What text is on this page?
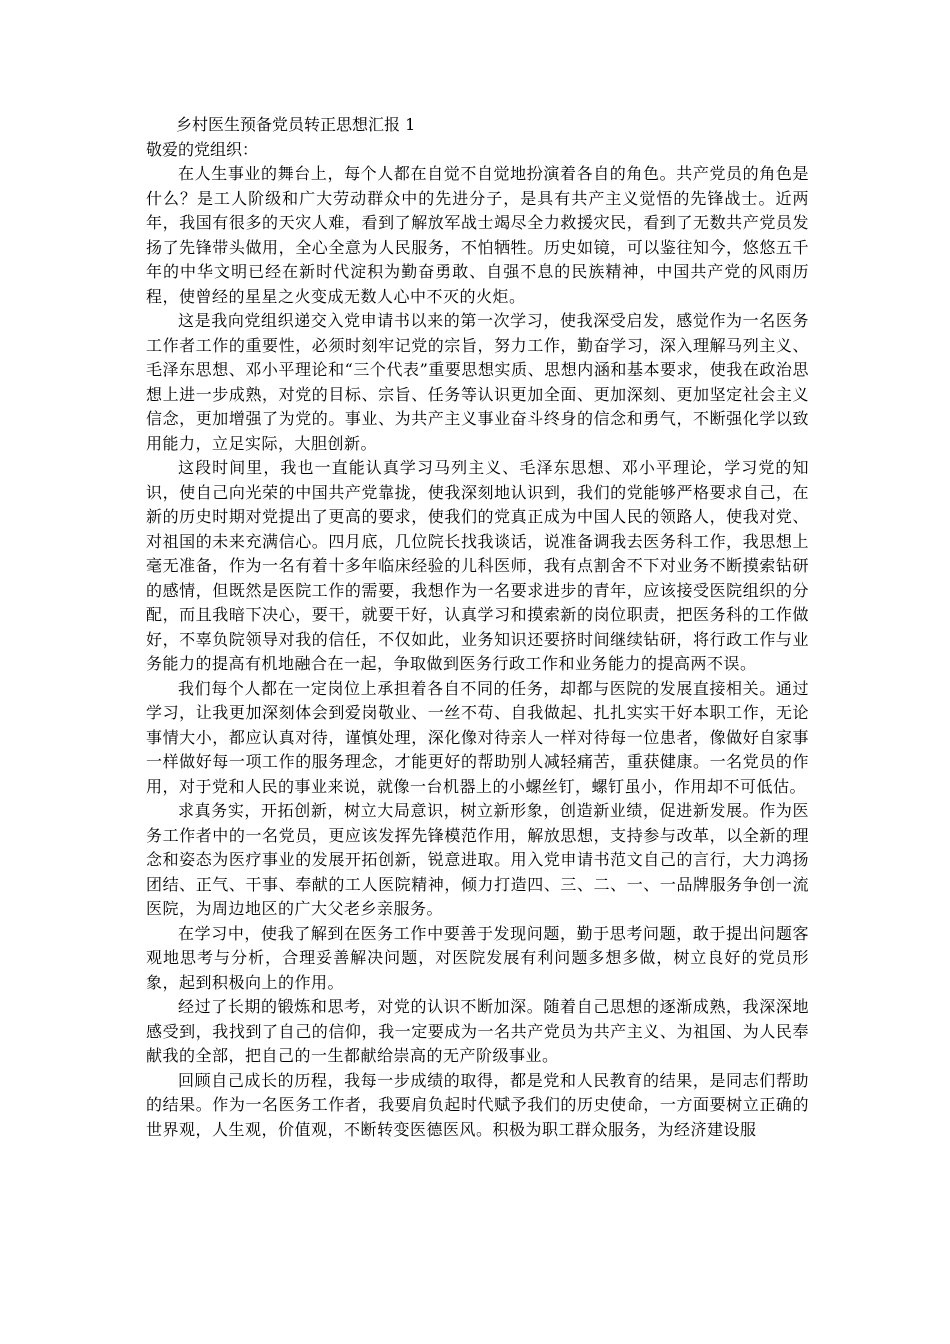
乡村医生预备党员转正思想汇报 1

敬爱的党组织：

在人生事业的舞台上，每个人都在自觉不自觉地扮演着各自的角色。共产党员的角色是什么？是工人阶级和广大劳动群众中的先进分子，是具有共产主义觉悟的先锋战士。近两年，我国有很多的天灾人难，看到了解放军战士竭尽全力救援灾民，看到了无数共产党员发扬了先锋带头做用，全心全意为人民服务，不怕牺牲。历史如镜，可以鉴往知今，悠悠五千年的中华文明已经在新时代淀积为勤奋勇敢、自强不息的民族精神，中国共产党的风雨历程，使曾经的星星之火变成无数人心中不灭的火炬。

这是我向党组织递交入党申请书以来的第一次学习，使我深受启发，感觉作为一名医务工作者工作的重要性，必须时刻牢记党的宗旨，努力工作，勤奋学习，深入理解马列主义、毛泽东思想、邓小平理论和“三个代表”重要思想实质、思想内涵和基本要求，使我在政治思想上进一步成熟，对党的目标、宗旨、任务等认识更加全面、更加深刻、更加坚定社会主义信念，更加增强了为党的。事业、为共产主义事业奋斗终身的信念和勇气，不断强化学以致用能力，立足实际，大胆创新。

这段时间里，我也一直能认真学习马列主义、毛泽东思想、邓小平理论，学习党的知识，使自己向光荣的中国共产党靠拢，使我深刻地认识到，我们的党能够严格要求自己，在新的历史时期对党提出了更高的要求，使我们的党真正成为中国人民的领路人，使我对党、对祖国的未来充满信心。四月底，几位院长找我谈话，说准备调我去医务科工作，我思想上毫无准备，作为一名有着十多年临床经验的儿科医师，我有点割舍不下对业务不断摸索钻研的感情，但既然是医院工作的需要，我想作为一名要求进步的青年，应该接受医院组织的分配，而且我暗下决心，要干，就要干好，认真学习和摸索新的岗位职责，把医务科的工作做好，不辜负院领导对我的信任，不仅如此，业务知识还要挤时间继续钻研，将行政工作与业务能力的提高有机地融合在一起，争取做到医务行政工作和业务能力的提高两不误。

我们每个人都在一定岗位上承担着各自不同的任务，却都与医院的发展直接相关。通过学习，让我更加深刻体会到爱岗敬业、一丝不苟、自我做起、扎扎实实干好本职工作，无论事情大小，都应认真对待，谨慎处理，深化像对待亲人一样对待每一位患者，像做好自家事一样做好每一项工作的服务理念，才能更好的帮助别人减轻痛苦，重获健康。一名党员的作用，对于党和人民的事业来说，就像一台机器上的小螺丝钉，螺钉虽小，作用却不可低估。

求真务实，开拓创新，树立大局意识，树立新形象，创造新业绩，促进新发展。作为医务工作者中的一名党员，更应该发挥先锋模范作用，解放思想，支持参与改革，以全新的理念和姿态为医疗事业的发展开拓创新，锐意进取。用入党申请书范文自己的言行，大力鸿扬团结、正气、干事、奉献的工人医院精神，倾力打造四、三、二、一、一品牌服务争创一流医院，为周边地区的广大父老乡亲服务。

在学习中，使我了解到在医务工作中要善于发现问题，勤于思考问题，敢于提出问题客观地思考与分析，合理妥善解决问题，对医院发展有利问题多想多做，树立良好的党员形象，起到积极向上的作用。

经过了长期的锻炼和思考，对党的认识不断加深。随着自己思想的逐渐成熟，我深深地感受到，我找到了自己的信仰，我一定要成为一名共产党员为共产主义、为祖国、为人民奉献我的全部，把自己的一生都献给崇高的无产阶级事业。

回顾自己成长的历程，我每一步成绩的取得，都是党和人民教育的结果，是同志们帮助的结果。作为一名医务工作者，我要肩负起时代赋予我们的历史使命，一方面要树立正确的世界观，人生观，价值观，不断转变医德医风。积极为职工群众服务，为经济建设服
